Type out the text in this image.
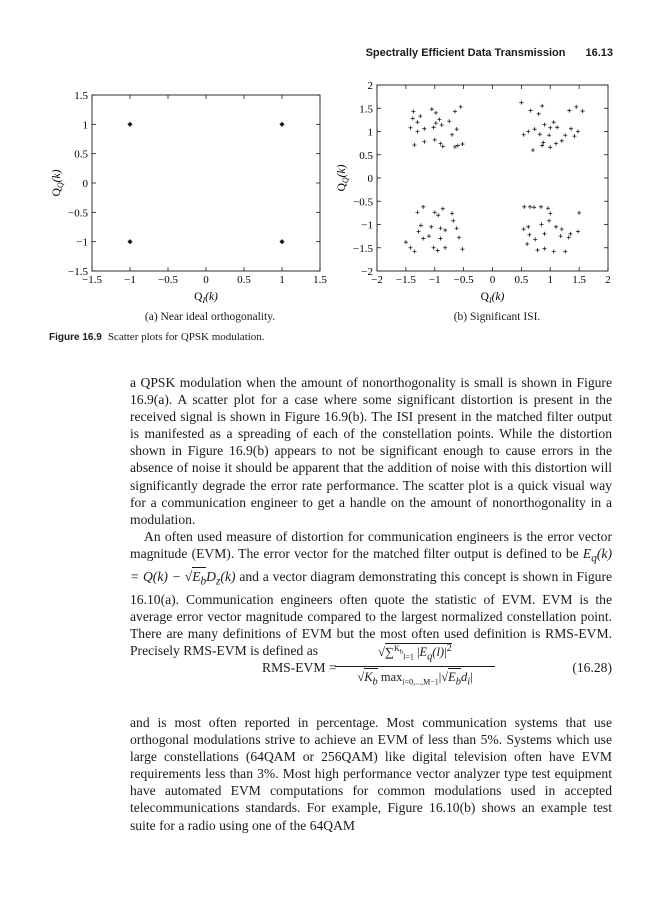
Spectrally Efficient Data Transmission 16.13
−1.5 −1 −0.5 0	0.5	1	1.5
−1.5
−1
−0.5
0
0.5
1
1.5
$Q_I(k)$
$Q_Q(k)$
−2 −1.5 −1 −0.5 0 0.5 1 1.5 2
−2
−1.5
−1
−0.5
0
0.5
1
1.5
2
$Q_I(k)$
$Q_Q(k)$
(a) Near ideal orthogonality.	(b) Significant ISI.
Figure 16.9 Scatter plots for QPSK modulation.

a QPSK modulation when the amount of nonorthogonality is small is shown in Figure 16.9(a). A scatter plot for a case where some significant distortion is present in the received signal is shown in Figure 16.9(b). The ISI present in the matched filter output is manifested as a spreading of each of the constellation points. While the distortion shown in Figure 16.9(b) appears to not be significant enough to cause errors in the absence of noise it should be apparent that the addition of noise with this distortion will significantly degrade the error rate performance. The scatter plot is a quick visual way for a communication engineer to get a handle on the amount of nonorthogonality in a modulation.

An often used measure of distortion for communication engineers is the error vector magnitude (EVM). The error vector for the matched filter output is defined to be $E_q(k) = Q(k) - √E_bD_z(k)$ and a vector diagram demonstrating this concept is shown in Figure 16.10(a). Communication engineers often quote the statistic of EVM. EVM is the average error vector magnitude compared to the largest normalized constellation point. There are many definitions of EVM but the most often used definition is RMS-EVM. Precisely RMS-EVM is defined as

RMS-EVM =
√∑$^{K_b}_{l=1}$ $|E_q(l)|^2$
$√K_b$ $\max_{i=0,...,M-1}|√E_bd_i|$
(16.28)

and is most often reported in percentage. Most communication systems that use orthogonal modulations strive to achieve an EVM of less than 5%. Systems which use large constellations (64QAM or 256QAM) like digital television often have EVM requirements less than 3%. Most high performance vector analyzer type test equipment have automated EVM computations for common modulations used in accepted telecommunications standards. For example, Figure 16.10(b) shows an example test suite for a radio using one of the 64QAM
